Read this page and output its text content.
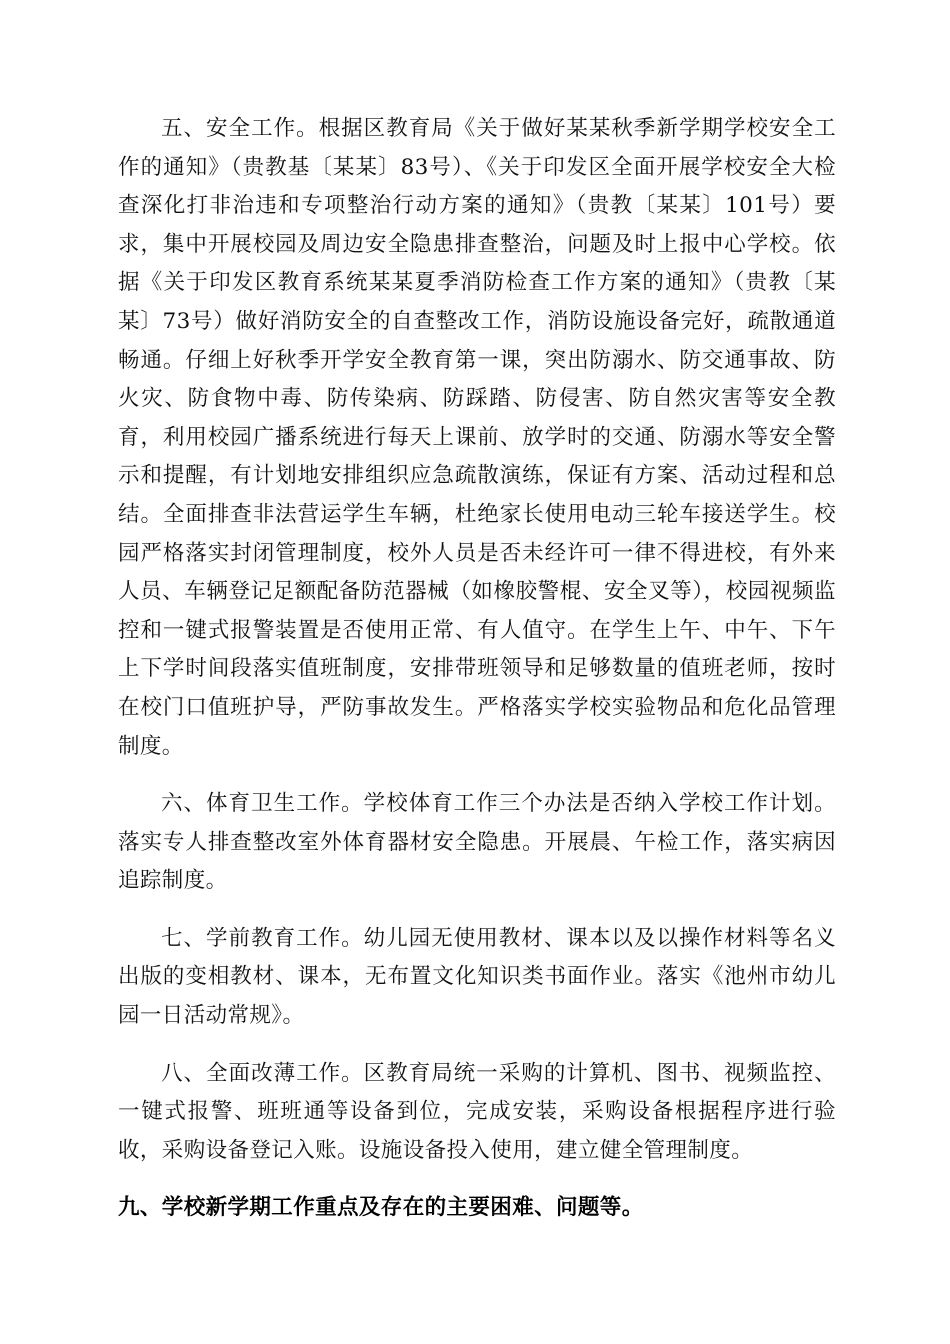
五、安全工作。根据区教育局《关于做好某某秋季新学期学校安全工作的通知》（贵教基〔某某〕83号）、《关于印发区全面开展学校安全大检查深化打非治违和专项整治行动方案的通知》（贵教〔某某〕101号）要求，集中开展校园及周边安全隐患排查整治，问题及时上报中心学校。依据《关于印发区教育系统某某夏季消防检查工作方案的通知》（贵教〔某某〕73号）做好消防安全的自查整改工作，消防设施设备完好，疏散通道畅通。仔细上好秋季开学安全教育第一课，突出防溺水、防交通事故、防火灾、防食物中毒、防传染病、防踩踏、防侵害、防自然灾害等安全教育，利用校园广播系统进行每天上课前、放学时的交通、防溺水等安全警示和提醒，有计划地安排组织应急疏散演练，保证有方案、活动过程和总结。全面排查非法营运学生车辆，杜绝家长使用电动三轮车接送学生。校园严格落实封闭管理制度，校外人员是否未经许可一律不得进校，有外来人员、车辆登记足额配备防范器械（如橡胶警棍、安全叉等），校园视频监控和一键式报警装置是否使用正常、有人值守。在学生上午、中午、下午上下学时间段落实值班制度，安排带班领导和足够数量的值班老师，按时在校门口值班护导，严防事故发生。严格落实学校实验物品和危化品管理制度。

六、体育卫生工作。学校体育工作三个办法是否纳入学校工作计划。落实专人排查整改室外体育器材安全隐患。开展晨、午检工作，落实病因追踪制度。

七、学前教育工作。幼儿园无使用教材、课本以及以操作材料等名义出版的变相教材、课本，无布置文化知识类书面作业。落实《池州市幼儿园一日活动常规》。

八、全面改薄工作。区教育局统一采购的计算机、图书、视频监控、一键式报警、班班通等设备到位，完成安装，采购设备根据程序进行验收，采购设备登记入账。设施设备投入使用，建立健全管理制度。

九、学校新学期工作重点及存在的主要困难、问题等。
